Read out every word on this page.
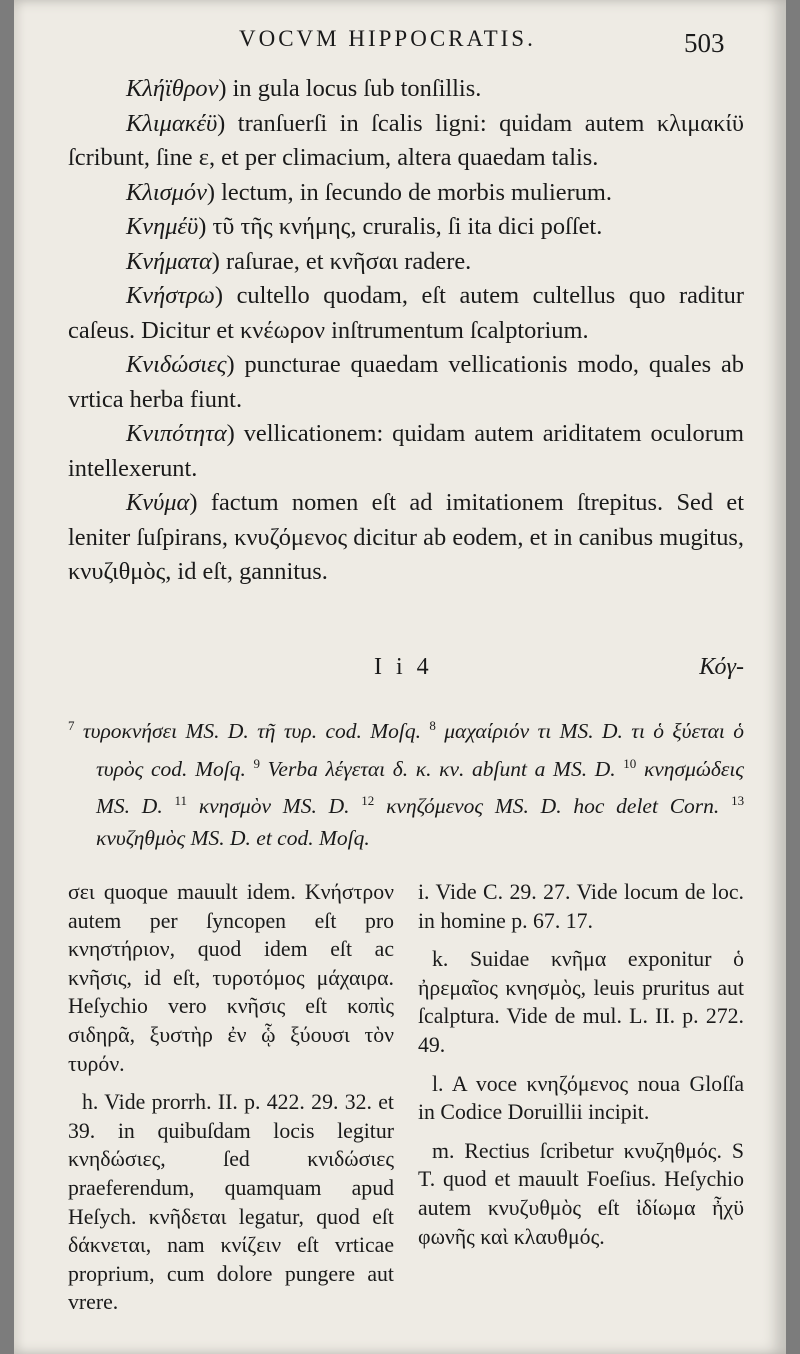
VOCVM HIPPOCRATIS.	503

Κλήϊθρον) in gula locus ſub tonſillis.

Κλιμακέϋ) tranſuerſi in ſcalis ligni: quidam autem κλιμακίϋ ſcribunt, ſine ε, et per climacium, altera quaedam talis.

Κλισμόν) lectum, in ſecundo de morbis mulierum.

Κνημέϋ) τῦ τῆς κνήμης, cruralis, ſi ita dici poſſet.

Κνήματα) raſurae, et κνῆσαι radere.

Κνήστρω) cultello quodam, eſt autem cultellus quo raditur caſeus. Dicitur et κνέωρον inſtrumentum ſcalptorium.

Κνιδώσιες) puncturae quaedam vellicationis modo, quales ab vrtica herba fiunt.

Κνιπότητα) vellicationem: quidam autem ariditatem oculorum intellexerunt.

Κνύμα) factum nomen eſt ad imitationem ſtrepitus. Sed et leniter ſuſpirans, κνυζόμενος dicitur ab eodem, et in canibus mugitus, κνυζιθμὸς, id eſt, gannitus.

I i 4	Κόγ-

$^7$ τυροκνήσει MS. D. τῆ τυρ. cod. Moſq. $^8$ μαχαίριόν τι MS. D. τι ὁ ξύεται ὁ τυρὸς cod. Moſq. $^9$ Verba λέγεται δ. κ. κν. abſunt a MS. D. $^{10}$ κνησμώδεις MS. D. $^{11}$ κνησμὸν MS. D. $^{12}$ κνηζόμενος MS. D. hoc delet Corn. $^{13}$ κνυζηθμὸς MS. D. et cod. Moſq.

σει quoque mauult idem. Κνήστρον autem per ſyncopen eſt pro κνηστήριον, quod idem eſt ac κνῆσις, id eſt, τυροτόμος μάχαιρα. Heſychio vero κνῆσις eſt κοπὶς σιδηρᾶ, ξυστὴρ ἐν ᾧ ξύουσι τὸν τυρόν.

h. Vide prorrh. II. p. 422. 29. 32. et 39. in quibuſdam locis legitur κνηδώσιες, ſed κνιδώσιες praeferendum, quamquam apud Heſych. κνῆδεται legatur, quod eſt δάκνεται, nam κνίζειν eſt vrticae proprium, cum dolore pungere aut vrere.

i. Vide C. 29. 27. Vide locum de loc. in homine p. 67. 17.

k. Suidae κνῆμα exponitur ὁ ἠρεμαῖος κνησμὸς, leuis pruritus aut ſcalptura. Vide de mul. L. II. p. 272. 49.

l. A voce κνηζόμενος noua Gloſſa in Codice Doruillii incipit.

m. Rectius ſcribetur κνυζηθμός. S T. quod et mauult Foeſius. Heſychio autem κνυζυθμὸς eſt ἰδίωμα ἦχϋ φωνῆς καὶ κλαυθμός.
